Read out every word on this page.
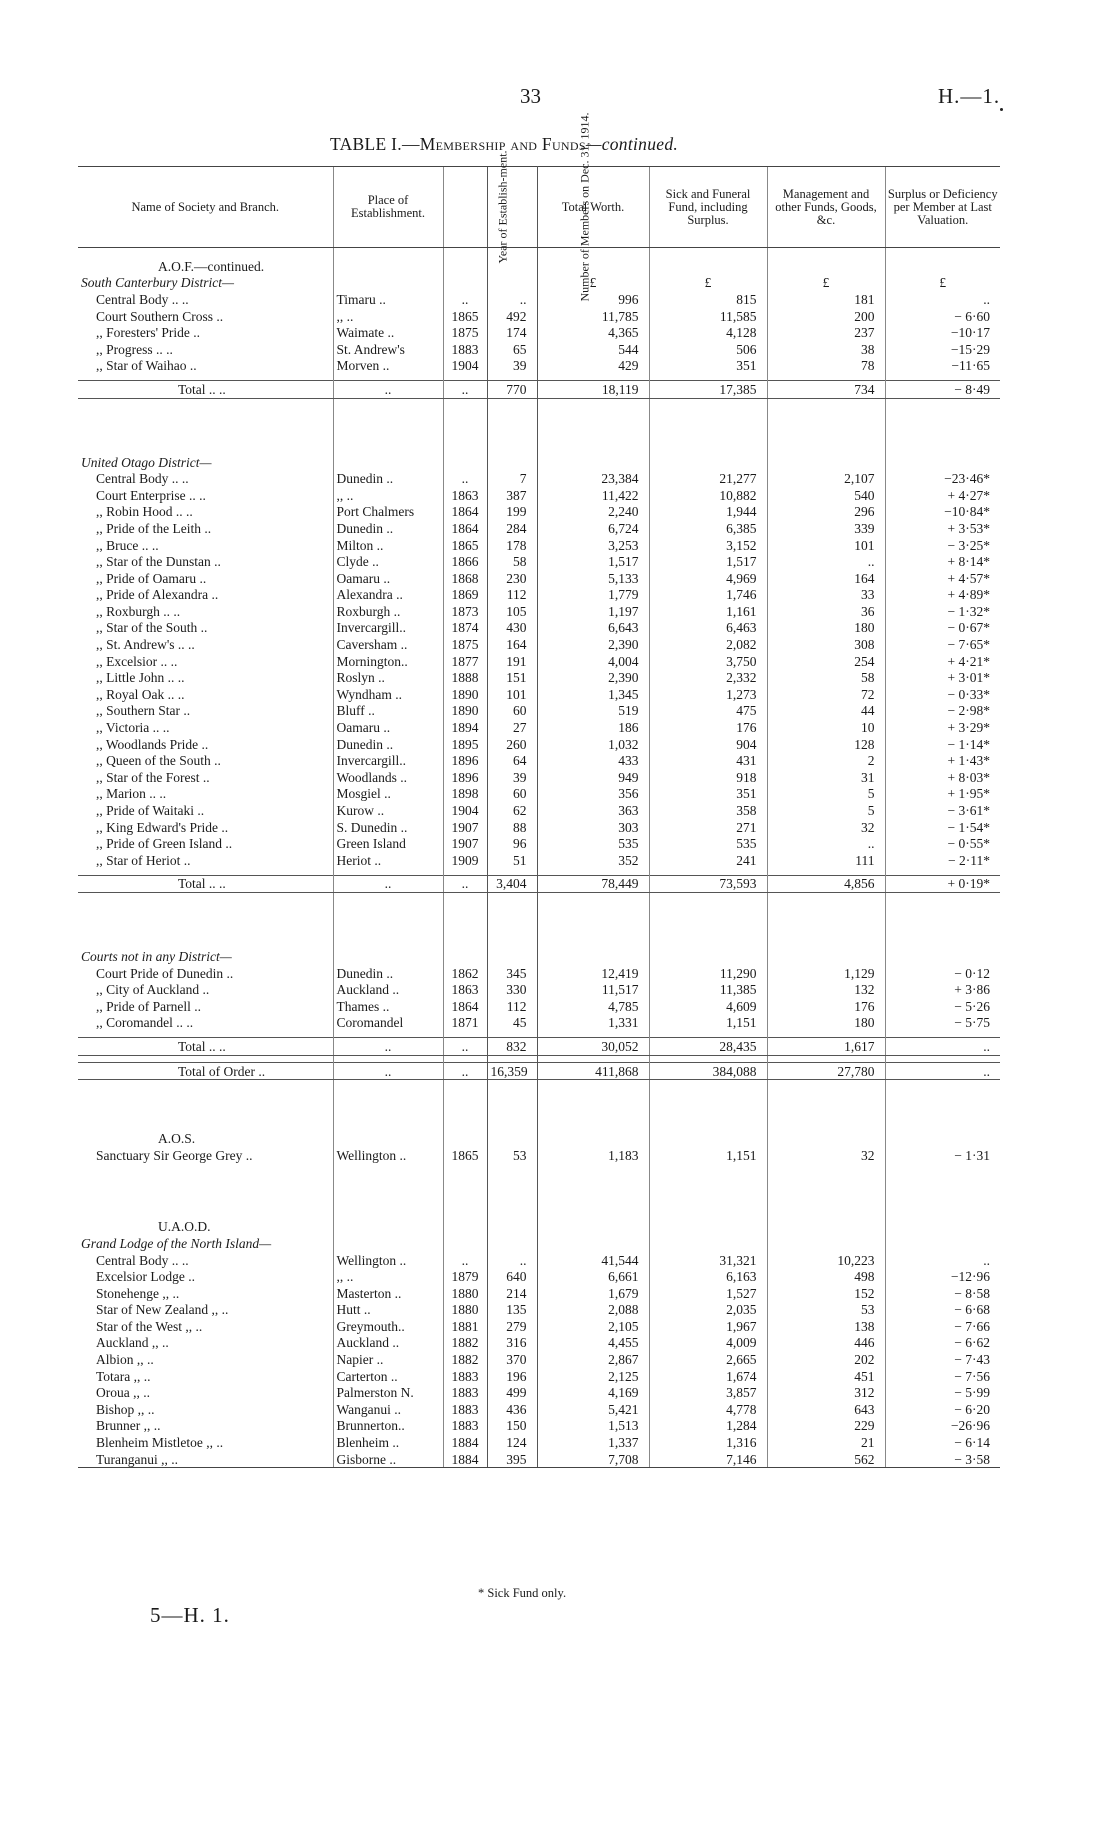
33	H.—1.
TABLE I.—Membership and Funds—continued.
Name of Society and Branch.	Place of Establishment.	Year of Establish-ment.	Number of Members on Dec. 31, 1914.	Total Worth.	Sick and Funeral Fund, including Surplus.	Management and other Funds, Goods, &c.	Surplus or Deficiency per Member at Last Valuation.

A.O.F.—continued.							
South Canterbury District—				£	£	£	£
Central Body .. ..	Timaru ..	..	..	996	815	181	..
Court Southern Cross ..	,, ..	1865	492	11,785	11,585	200	− 6·60
,, Foresters' Pride ..	Waimate ..	1875	174	4,365	4,128	237	−10·17
,, Progress .. ..	St. Andrew's	1883	65	544	506	38	−15·29
,, Star of Waihao ..	Morven ..	1904	39	429	351	78	−11·65

Total .. ..	..	..	770	18,119	17,385	734	− 8·49

United Otago District—							
Central Body .. ..	Dunedin ..	..	7	23,384	21,277	2,107	−23·46*
Court Enterprise .. ..	,, ..	1863	387	11,422	10,882	540	+ 4·27*
,, Robin Hood .. ..	Port Chalmers	1864	199	2,240	1,944	296	−10·84*
,, Pride of the Leith ..	Dunedin ..	1864	284	6,724	6,385	339	+ 3·53*
,, Bruce .. ..	Milton ..	1865	178	3,253	3,152	101	− 3·25*
,, Star of the Dunstan ..	Clyde ..	1866	58	1,517	1,517	..	+ 8·14*
,, Pride of Oamaru ..	Oamaru ..	1868	230	5,133	4,969	164	+ 4·57*
,, Pride of Alexandra ..	Alexandra ..	1869	112	1,779	1,746	33	+ 4·89*
,, Roxburgh .. ..	Roxburgh ..	1873	105	1,197	1,161	36	− 1·32*
,, Star of the South ..	Invercargill..	1874	430	6,643	6,463	180	− 0·67*
,, St. Andrew's .. ..	Caversham ..	1875	164	2,390	2,082	308	− 7·65*
,, Excelsior .. ..	Mornington..	1877	191	4,004	3,750	254	+ 4·21*
,, Little John .. ..	Roslyn ..	1888	151	2,390	2,332	58	+ 3·01*
,, Royal Oak .. ..	Wyndham ..	1890	101	1,345	1,273	72	− 0·33*
,, Southern Star ..	Bluff ..	1890	60	519	475	44	− 2·98*
,, Victoria .. ..	Oamaru ..	1894	27	186	176	10	+ 3·29*
,, Woodlands Pride ..	Dunedin ..	1895	260	1,032	904	128	− 1·14*
,, Queen of the South ..	Invercargill..	1896	64	433	431	2	+ 1·43*
,, Star of the Forest ..	Woodlands ..	1896	39	949	918	31	+ 8·03*
,, Marion .. ..	Mosgiel ..	1898	60	356	351	5	+ 1·95*
,, Pride of Waitaki ..	Kurow ..	1904	62	363	358	5	− 3·61*
,, King Edward's Pride ..	S. Dunedin ..	1907	88	303	271	32	− 1·54*
,, Pride of Green Island ..	Green Island	1907	96	535	535	..	− 0·55*
,, Star of Heriot ..	Heriot ..	1909	51	352	241	111	− 2·11*

Total .. ..	..	..	3,404	78,449	73,593	4,856	+ 0·19*

Courts not in any District—							
Court Pride of Dunedin ..	Dunedin ..	1862	345	12,419	11,290	1,129	− 0·12
,, City of Auckland ..	Auckland ..	1863	330	11,517	11,385	132	+ 3·86
,, Pride of Parnell ..	Thames ..	1864	112	4,785	4,609	176	− 5·26
,, Coromandel .. ..	Coromandel	1871	45	1,331	1,151	180	− 5·75

Total .. ..	..	..	832	30,052	28,435	1,617	..

Total of Order ..	..	..	16,359	411,868	384,088	27,780	..

A.O.S.							
Sanctuary Sir George Grey ..	Wellington ..	1865	53	1,183	1,151	32	− 1·31

U.A.O.D.							
Grand Lodge of the North Island—							
Central Body .. ..	Wellington ..	..	..	41,544	31,321	10,223	..
Excelsior Lodge ..	,, ..	1879	640	6,661	6,163	498	−12·96
Stonehenge ,, ..	Masterton ..	1880	214	1,679	1,527	152	− 8·58
Star of New Zealand ,, ..	Hutt ..	1880	135	2,088	2,035	53	− 6·68
Star of the West ,, ..	Greymouth..	1881	279	2,105	1,967	138	− 7·66
Auckland ,, ..	Auckland ..	1882	316	4,455	4,009	446	− 6·62
Albion ,, ..	Napier ..	1882	370	2,867	2,665	202	− 7·43
Totara ,, ..	Carterton ..	1883	196	2,125	1,674	451	− 7·56
Oroua ,, ..	Palmerston N.	1883	499	4,169	3,857	312	− 5·99
Bishop ,, ..	Wanganui ..	1883	436	5,421	4,778	643	− 6·20
Brunner ,, ..	Brunnerton..	1883	150	1,513	1,284	229	−26·96
Blenheim Mistletoe ,, ..	Blenheim ..	1884	124	1,337	1,316	21	− 6·14
Turanganui ,, ..	Gisborne ..	1884	395	7,708	7,146	562	− 3·58
* Sick Fund only.
5—H. 1.
